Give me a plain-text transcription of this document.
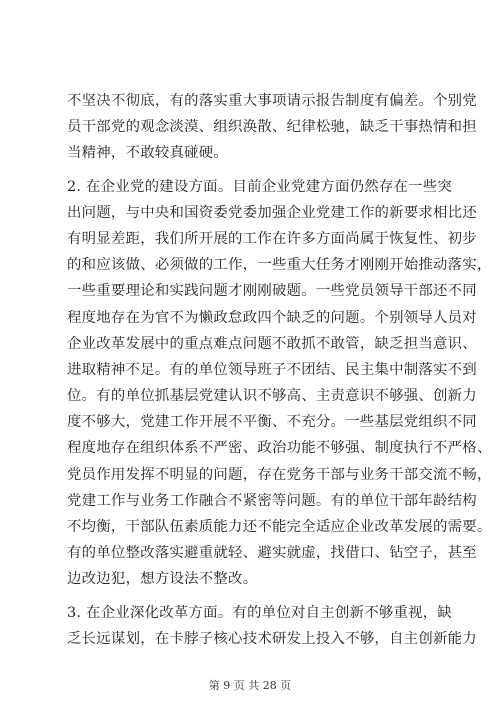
不坚决不彻底，有的落实重大事项请示报告制度有偏差。个别党
员干部党的观念淡漠、组织涣散、纪律松驰，缺乏干事热情和担
当精神，不敢较真碰硬。
2. 在企业党的建设方面。目前企业党建方面仍然存在一些突
出问题，与中央和国资委党委加强企业党建工作的新要求相比还
有明显差距，我们所开展的工作在许多方面尚属于恢复性、初步
的和应该做、必须做的工作，一些重大任务才刚刚开始推动落实，
一些重要理论和实践问题才刚刚破题。一些党员领导干部还不同
程度地存在为官不为懒政怠政四个缺乏的问题。个别领导人员对
企业改革发展中的重点难点问题不敢抓不敢管，缺乏担当意识、
进取精神不足。有的单位领导班子不团结、民主集中制落实不到
位。有的单位抓基层党建认识不够高、主责意识不够强、创新力
度不够大，党建工作开展不平衡、不充分。一些基层党组织不同
程度地存在组织体系不严密、政治功能不够强、制度执行不严格、
党员作用发挥不明显的问题，存在党务干部与业务干部交流不畅，
党建工作与业务工作融合不紧密等问题。有的单位干部年龄结构
不均衡，干部队伍素质能力还不能完全适应企业改革发展的需要。
有的单位整改落实避重就轻、避实就虚，找借口、钻空子，甚至
边改边犯，想方设法不整改。
3. 在企业深化改革方面。有的单位对自主创新不够重视，缺
乏长远谋划，在卡脖子核心技术研发上投入不够，自主创新能力
第 9 页 共 28 页
